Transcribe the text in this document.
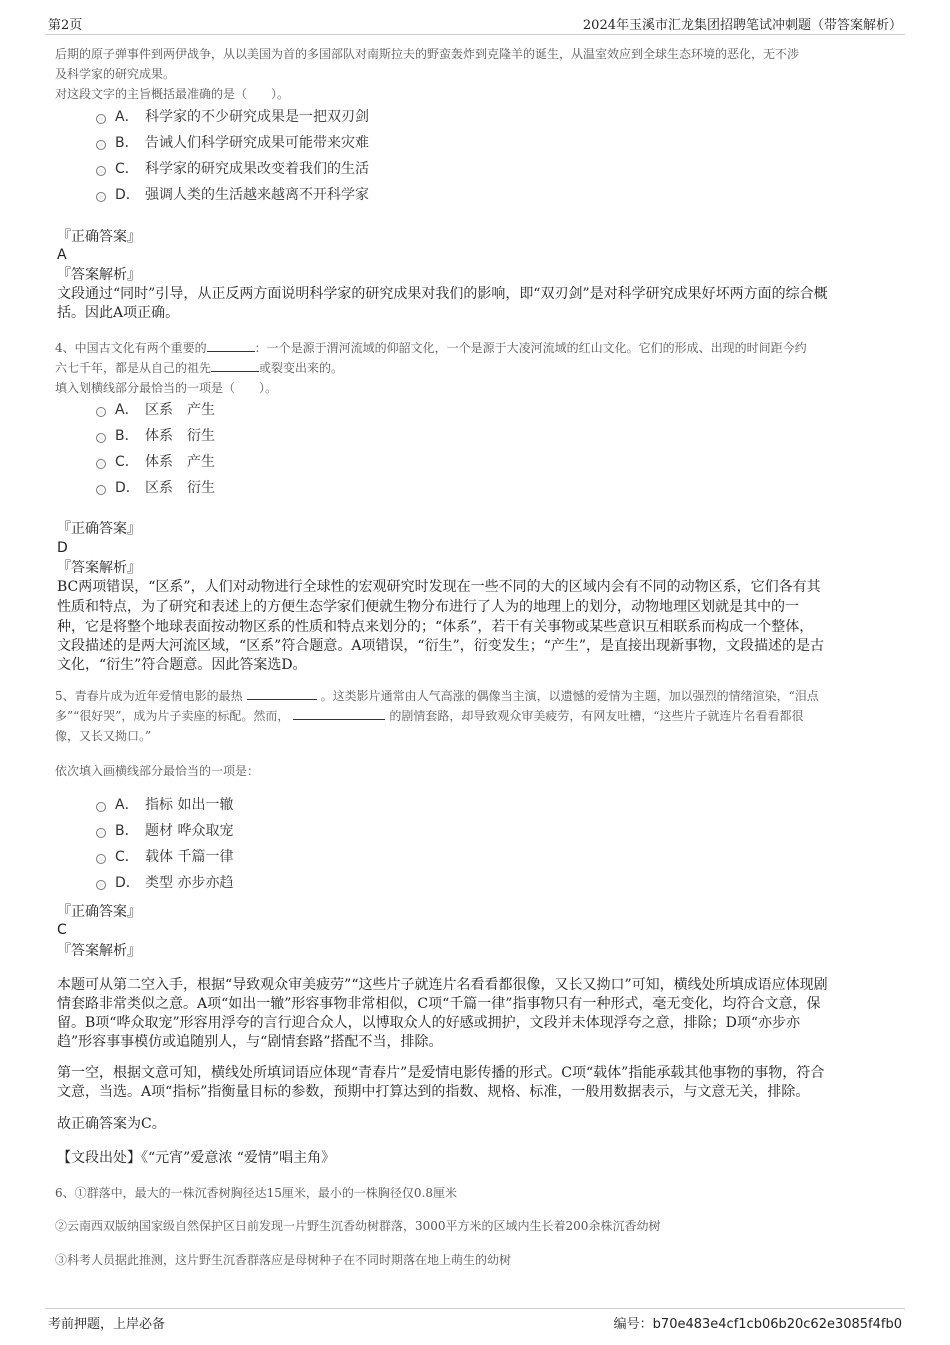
第2页	2024年玉溪市汇龙集团招聘笔试冲刺题（带答案解析）
后期的原子弹事件到两伊战争，从以美国为首的多国部队对南斯拉夫的野蛮轰炸到克隆羊的诞生，从温室效应到全球生态环境的恶化，无不涉
及科学家的研究成果。
对这段文字的主旨概括最准确的是（　　）。
A． 科学家的不少研究成果是一把双刃剑
B． 告诫人们科学研究成果可能带来灾难
C． 科学家的研究成果改变着我们的生活
D． 强调人类的生活越来越离不开科学家
『正确答案』
A
『答案解析』
文段通过“同时”引导，从正反两方面说明科学家的研究成果对我们的影响，即“双刃剑”是对科学研究成果好坏两方面的综合概
括。因此A项正确。
4、中国古文化有两个重要的	：一个是源于渭河流域的仰韶文化，一个是源于大凌河流域的红山文化。它们的形成、出现的时间距今约
六七千年，都是从自己的祖先	或裂变出来的。
填入划横线部分最恰当的一项是（　　）。
A． 区系　产生
B． 体系　衍生
C． 体系　产生
D． 区系　衍生
『正确答案』
D
『答案解析』
BC两项错误，“区系”，人们对动物进行全球性的宏观研究时发现在一些不同的大的区域内会有不同的动物区系，它们各有其
性质和特点，为了研究和表述上的方便生态学家们便就生物分布进行了人为的地理上的划分，动物地理区划就是其中的一
种，它是将整个地球表面按动物区系的性质和特点来划分的；“体系”，若干有关事物或某些意识互相联系而构成一个整体，
文段描述的是两大河流区域，“区系”符合题意。A项错误，“衍生”，衍变发生；“产生”，是直接出现新事物，文段描述的是古
文化，“衍生”符合题意。因此答案选D。
5、青春片成为近年爱情电影的最热	。这类影片通常由人气高涨的偶像当主演，以遗憾的爱情为主题，加以强烈的情绪渲染，“泪点
多”“很好哭”，成为片子卖座的标配。然而，	的剧情套路，却导致观众审美疲劳，有网友吐槽，“这些片子就连片名看看都很
像，又长又拗口。”
依次填入画横线部分最恰当的一项是：
A． 指标 如出一辙
B． 题材 哗众取宠
C． 载体 千篇一律
D． 类型 亦步亦趋
『正确答案』
C
『答案解析』
本题可从第二空入手，根据“导致观众审美疲劳”“这些片子就连片名看看都很像，又长又拗口”可知，横线处所填成语应体现剧
情套路非常类似之意。A项“如出一辙”形容事物非常相似，C项“千篇一律”指事物只有一种形式，毫无变化，均符合文意，保
留。B项“哗众取宠”形容用浮夸的言行迎合众人，以博取众人的好感或拥护，文段并未体现浮夸之意，排除；D项“亦步亦
趋”形容事事模仿或追随别人，与“剧情套路”搭配不当，排除。
第一空，根据文意可知，横线处所填词语应体现“青春片”是爱情电影传播的形式。C项“载体”指能承载其他事物的事物，符合
文意，当选。A项“指标”指衡量目标的参数，预期中打算达到的指数、规格、标准，一般用数据表示，与文意无关，排除。
故正确答案为C。
【文段出处】《“元宵”爱意浓 “爱情”唱主角》
6、①群落中，最大的一株沉香树胸径达15厘米，最小的一株胸径仅0.8厘米
②云南西双版纳国家级自然保护区日前发现一片野生沉香幼树群落，3000平方米的区域内生长着200余株沉香幼树
③科考人员据此推测，这片野生沉香群落应是母树种子在不同时期落在地上萌生的幼树
考前押题，上岸必备	编号：b70e483e4cf1cb06b20c62e3085f4fb0
